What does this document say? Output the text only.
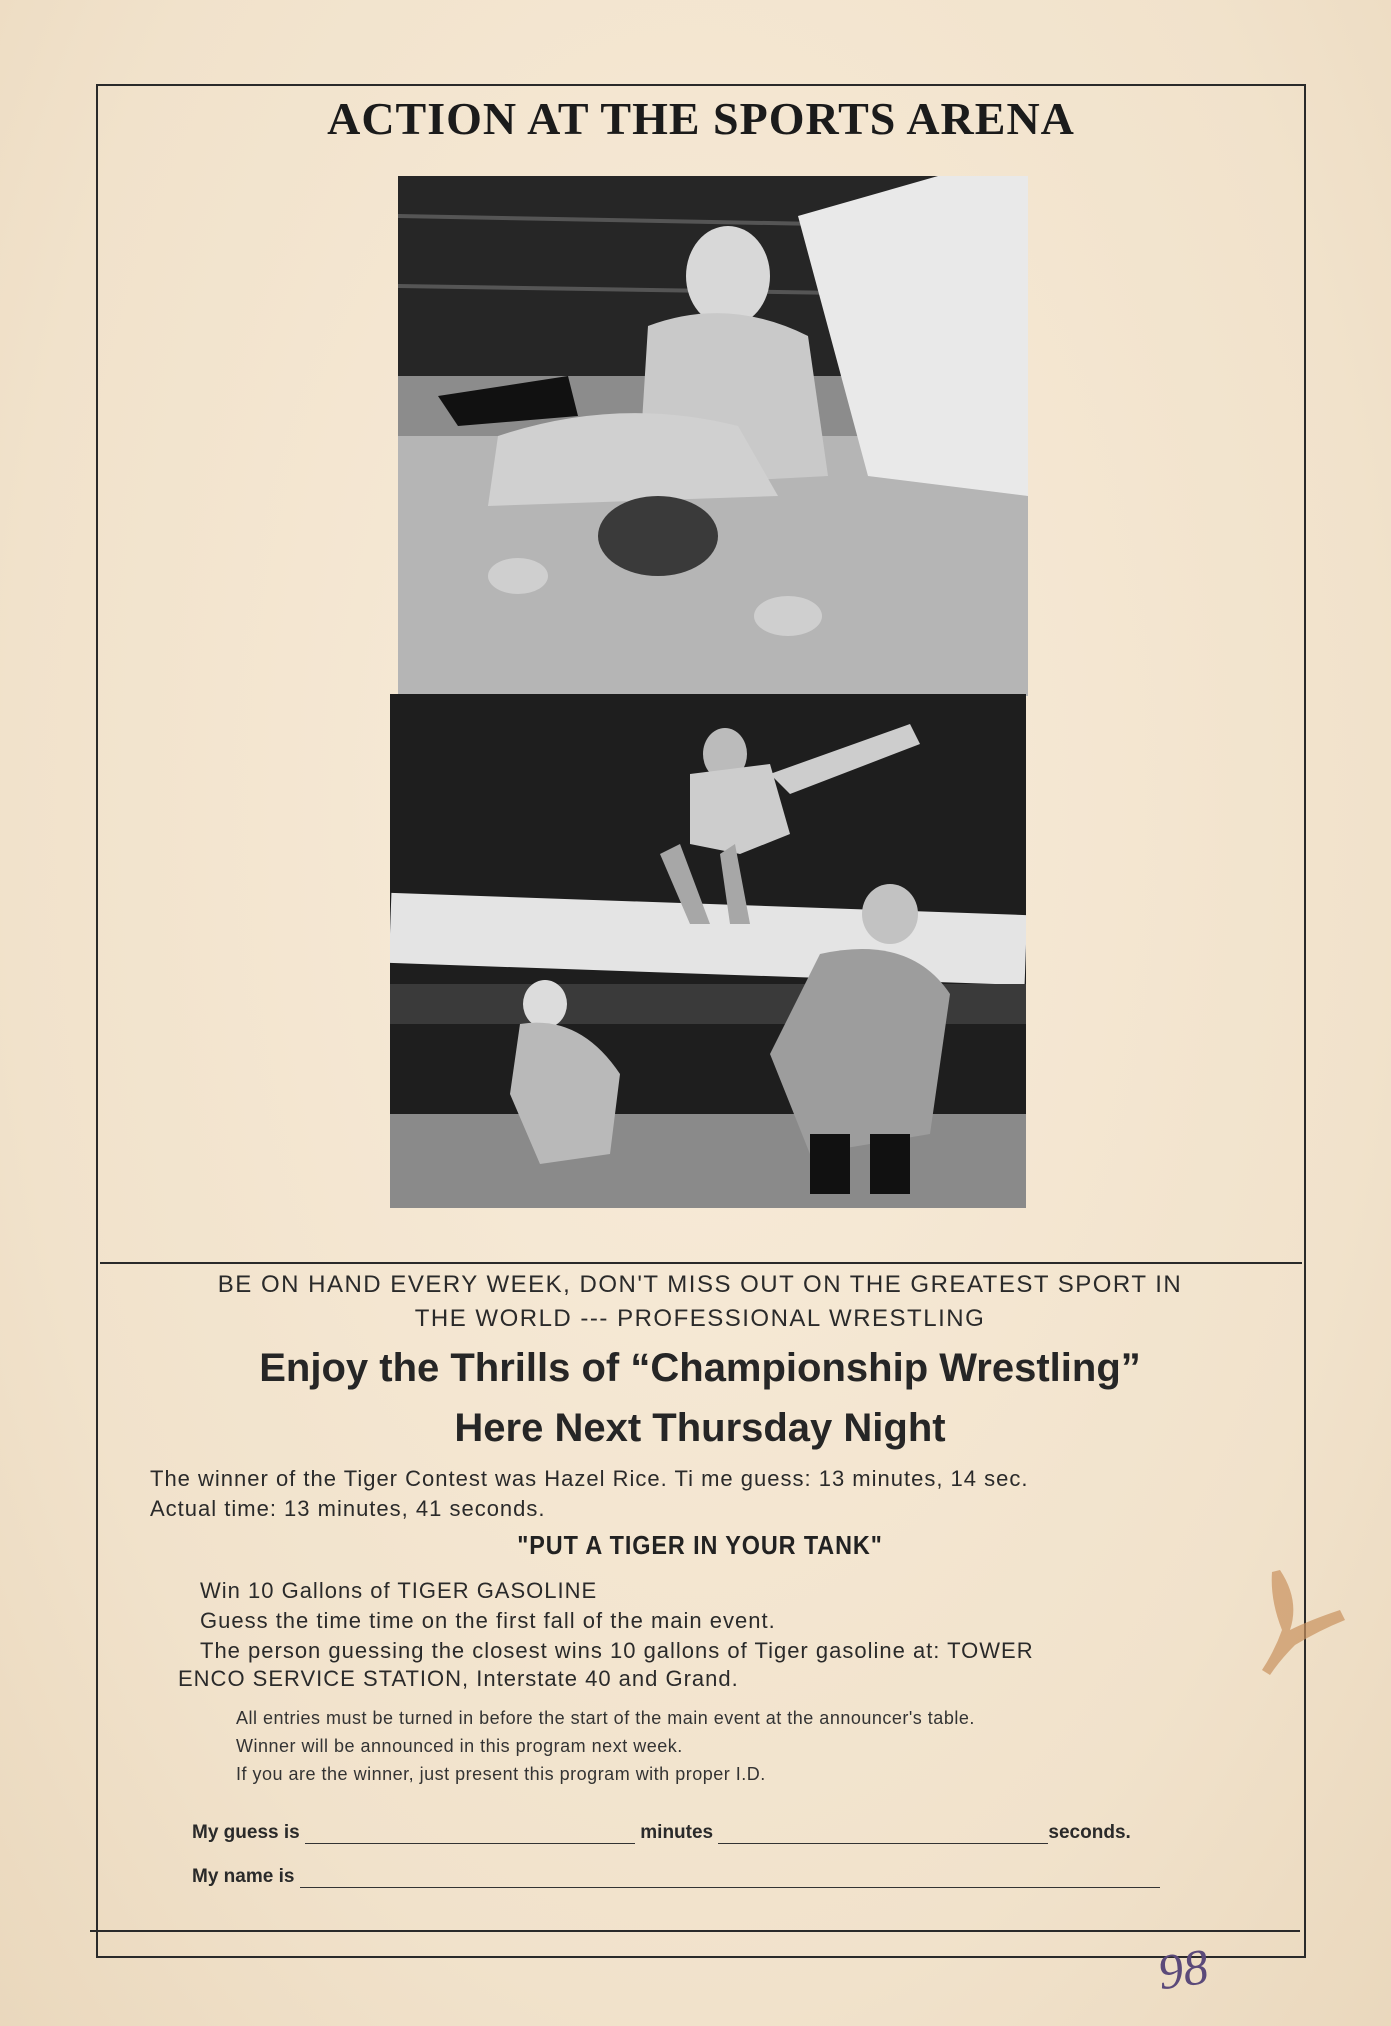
ACTION AT THE SPORTS ARENA
BE ON HAND EVERY WEEK, DON'T MISS OUT ON THE GREATEST SPORT IN
THE WORLD --- PROFESSIONAL WRESTLING
Enjoy the Thrills of “Championship Wrestling”
Here Next Thursday Night
The winner of the Tiger Contest was Hazel Rice. Ti me guess: 13 minutes, 14 sec.
Actual time: 13 minutes, 41 seconds.
"PUT A TIGER IN YOUR TANK"
Win 10 Gallons of TIGER GASOLINE
Guess the time time on the first fall of the main event.
The person guessing the closest wins 10 gallons of Tiger gasoline at: TOWER
ENCO SERVICE STATION, Interstate 40 and Grand.
All entries must be turned in before the start of the main event at the announcer's table.
Winner will be announced in this program next week.
If you are the winner, just present this program with proper I.D.
My guess is	minutes	seconds.
My name is
98
